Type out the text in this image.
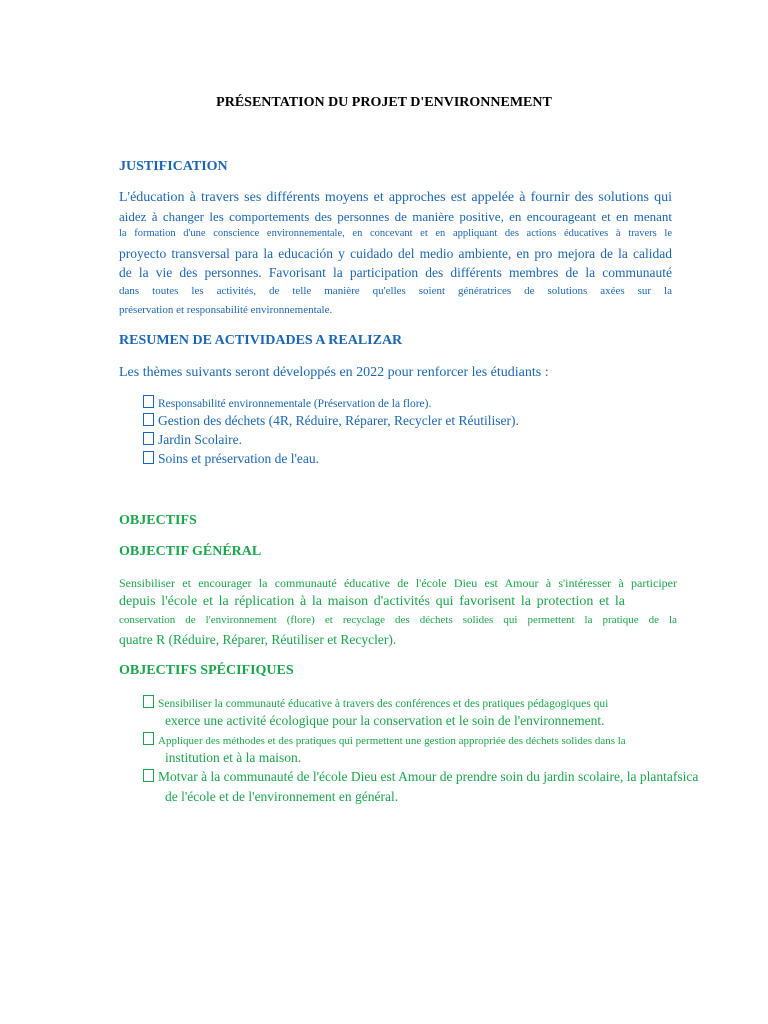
PRÉSENTATION DU PROJET D'ENVIRONNEMENT
JUSTIFICATION
L'éducation à travers ses différents moyens et approches est appelée à fournir des solutions qui
aidez à changer les comportements des personnes de manière positive, en encourageant et en menant
la formation d'une conscience environnementale, en concevant et en appliquant des actions éducatives à travers le
proyecto transversal para la educación y cuidado del medio ambiente, en pro mejora de la calidad
de la vie des personnes. Favorisant la participation des différents membres de la communauté
dans toutes les activités, de telle manière qu'elles soient génératrices de solutions axées sur la
préservation et responsabilité environnementale.
RESUMEN DE ACTIVIDADES A REALIZAR
Les thèmes suivants seront développés en 2022 pour renforcer les étudiants :
Responsabilité environnementale (Préservation de la flore).
Gestion des déchets (4R, Réduire, Réparer, Recycler et Réutiliser).
Jardin Scolaire.
Soins et préservation de l'eau.
OBJECTIFS
OBJECTIF GÉNÉRAL
Sensibiliser et encourager la communauté éducative de l'école Dieu est Amour à s'intéresser à participer
depuis l'école et la réplication à la maison d'activités qui favorisent la protection et la
conservation de l'environnement (flore) et recyclage des déchets solides qui permettent la pratique de la
quatre R (Réduire, Réparer, Réutiliser et Recycler).
OBJECTIFS SPÉCIFIQUES
Sensibiliser la communauté éducative à travers des conférences et des pratiques pédagogiques qui
exerce une activité écologique pour la conservation et le soin de l'environnement.
Appliquer des méthodes et des pratiques qui permettent une gestion appropriée des déchets solides dans la
institution et à la maison.
Motvar à la communauté de l'école Dieu est Amour de prendre soin du jardin scolaire, la plantafsica
de l'école et de l'environnement en général.
